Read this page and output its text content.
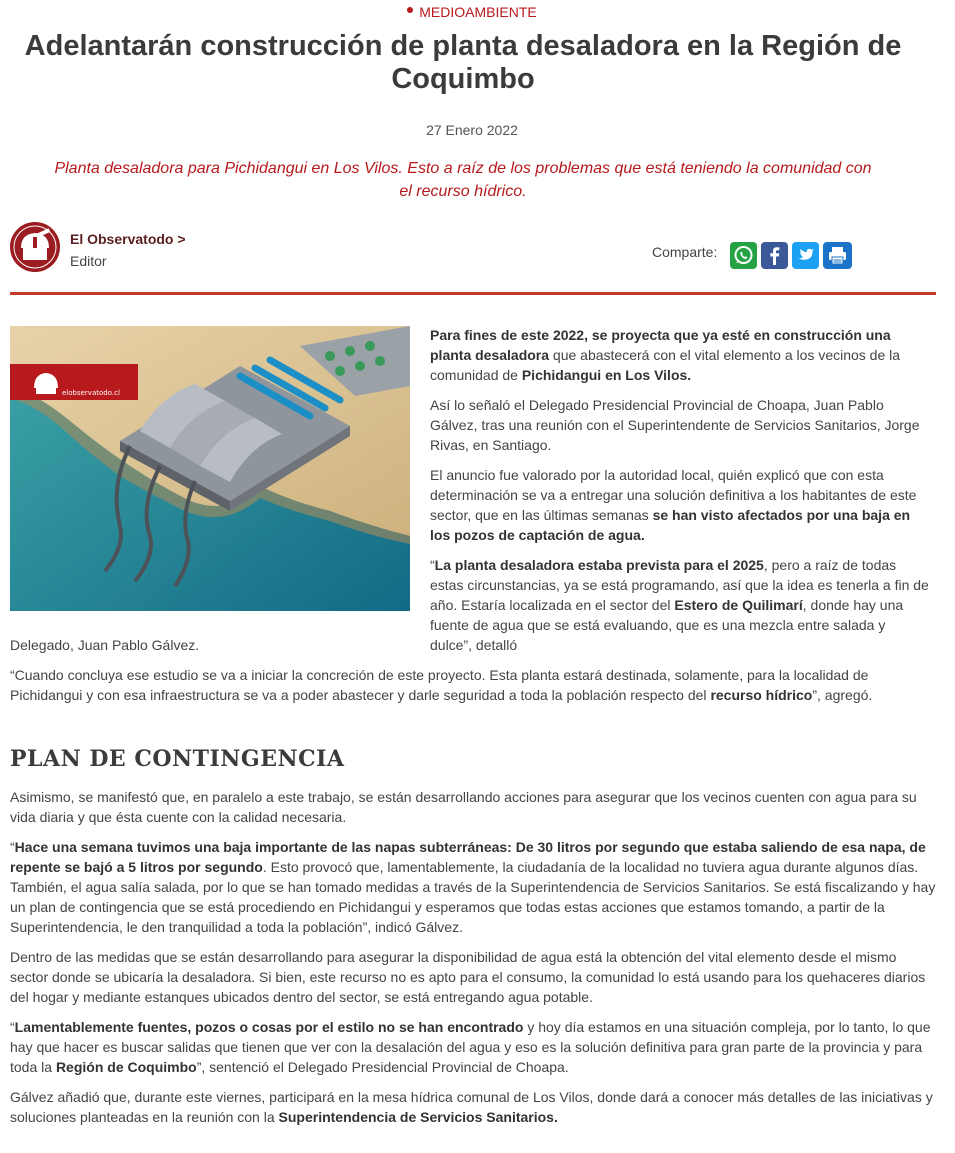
MEDIOAMBIENTE
Adelantarán construcción de planta desaladora en la Región de Coquimbo
27 Enero 2022
Planta desaladora para Pichidangui en Los Vilos. Esto a raíz de los problemas que está teniendo la comunidad con el recurso hídrico.
El Observatodo >
Editor
Comparte:
elobservatodo.cl

Para fines de este 2022, se proyecta que ya esté en construcción una planta desaladora que abastecerá con el vital elemento a los vecinos de la comunidad de Pichidangui en Los Vilos.

Así lo señaló el Delegado Presidencial Provincial de Choapa, Juan Pablo Gálvez, tras una reunión con el Superintendente de Servicios Sanitarios, Jorge Rivas, en Santiago.

El anuncio fue valorado por la autoridad local, quién explicó que con esta determinación se va a entregar una solución definitiva a los habitantes de este sector, que en las últimas semanas se han visto afectados por una baja en los pozos de captación de agua.

“La planta desaladora estaba prevista para el 2025, pero a raíz de todas estas circunstancias, ya se está programando, así que la idea es tenerla a fin de año. Estaría localizada en el sector del Estero de Quilimarí, donde hay una fuente de agua que se está evaluando, que es una mezcla entre salada y dulce”, detalló

Delegado, Juan Pablo Gálvez.

“Cuando concluya ese estudio se va a iniciar la concreción de este proyecto. Esta planta estará destinada, solamente, para la localidad de Pichidangui y con esa infraestructura se va a poder abastecer y darle seguridad a toda la población respecto del recurso hídrico”, agregó.

PLAN DE CONTINGENCIA

Asimismo, se manifestó que, en paralelo a este trabajo, se están desarrollando acciones para asegurar que los vecinos cuenten con agua para su vida diaria y que ésta cuente con la calidad necesaria.

“Hace una semana tuvimos una baja importante de las napas subterráneas: De 30 litros por segundo que estaba saliendo de esa napa, de repente se bajó a 5 litros por segundo. Esto provocó que, lamentablemente, la ciudadanía de la localidad no tuviera agua durante algunos días. También, el agua salía salada, por lo que se han tomado medidas a través de la Superintendencia de Servicios Sanitarios. Se está fiscalizando y hay un plan de contingencia que se está procediendo en Pichidangui y esperamos que todas estas acciones que estamos tomando, a partir de la Superintendencia, le den tranquilidad a toda la población”, indicó Gálvez.

Dentro de las medidas que se están desarrollando para asegurar la disponibilidad de agua está la obtención del vital elemento desde el mismo sector donde se ubicaría la desaladora. Si bien, este recurso no es apto para el consumo, la comunidad lo está usando para los quehaceres diarios del hogar y mediante estanques ubicados dentro del sector, se está entregando agua potable.

“Lamentablemente fuentes, pozos o cosas por el estilo no se han encontrado y hoy día estamos en una situación compleja, por lo tanto, lo que hay que hacer es buscar salidas que tienen que ver con la desalación del agua y eso es la solución definitiva para gran parte de la provincia y para toda la Región de Coquimbo”, sentenció el Delegado Presidencial Provincial de Choapa.

Gálvez añadió que, durante este viernes, participará en la mesa hídrica comunal de Los Vilos, donde dará a conocer más detalles de las iniciativas y soluciones planteadas en la reunión con la Superintendencia de Servicios Sanitarios.
